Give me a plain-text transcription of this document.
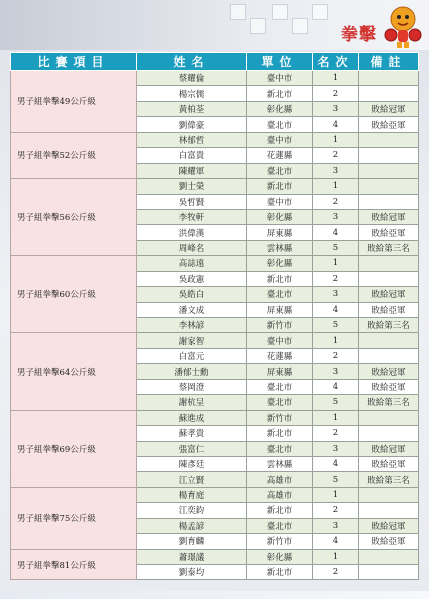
拳擊
比賽項目	姓名	單位	名次	備註
男子組拳擊49公斤級	蔡耀倫	臺中市	1	
	楊宗儒	新北市	2	
	黃柏荃	彰化縣	3	敗給冠軍
	劉偉豪	臺北市	4	敗給亞軍
男子組拳擊52公斤級	林郁哲	臺中市	1	
	白富貴	花蓮縣	2	
	陳耀軍	臺北市	3	
男子組拳擊56公斤級	劉士榮	新北市	1	
	吳哲賢	臺中市	2	
	李牧軒	彰化縣	3	敗給冠軍
	洪偉漢	屏東縣	4	敗給亞軍
	周峰名	雲林縣	5	敗給第三名
男子組拳擊60公斤級	高誌遠	彰化縣	1	
	吳政憲	新北市	2	
	吳皓白	臺北市	3	敗給冠軍
	潘文成	屏東縣	4	敗給亞軍
	李林諺	新竹市	5	敗給第三名
男子組拳擊64公斤級	謝家智	臺中市	1	
	白富元	花蓮縣	2	
	潘郁士勳	屏東縣	3	敗給冠軍
	蔡岡澄	臺北市	4	敗給亞軍
	謝杭呈	臺北市	5	敗給第三名
男子組拳擊69公斤級	蘇進成	新竹市	1	
	蘇孝貴	新北市	2	
	張富仁	臺北市	3	敗給冠軍
	陳彥廷	雲林縣	4	敗給亞軍
	江立賢	高雄市	5	敗給第三名
男子組拳擊75公斤級	楊育庭	高雄市	1	
	江奕鈞	新北市	2	
	楊孟諺	臺北市	3	敗給冠軍
	劉育麟	新竹市	4	敗給亞軍
男子組拳擊81公斤級	蕭璟議	彰化縣	1	
	劉泰均	新北市	2	
